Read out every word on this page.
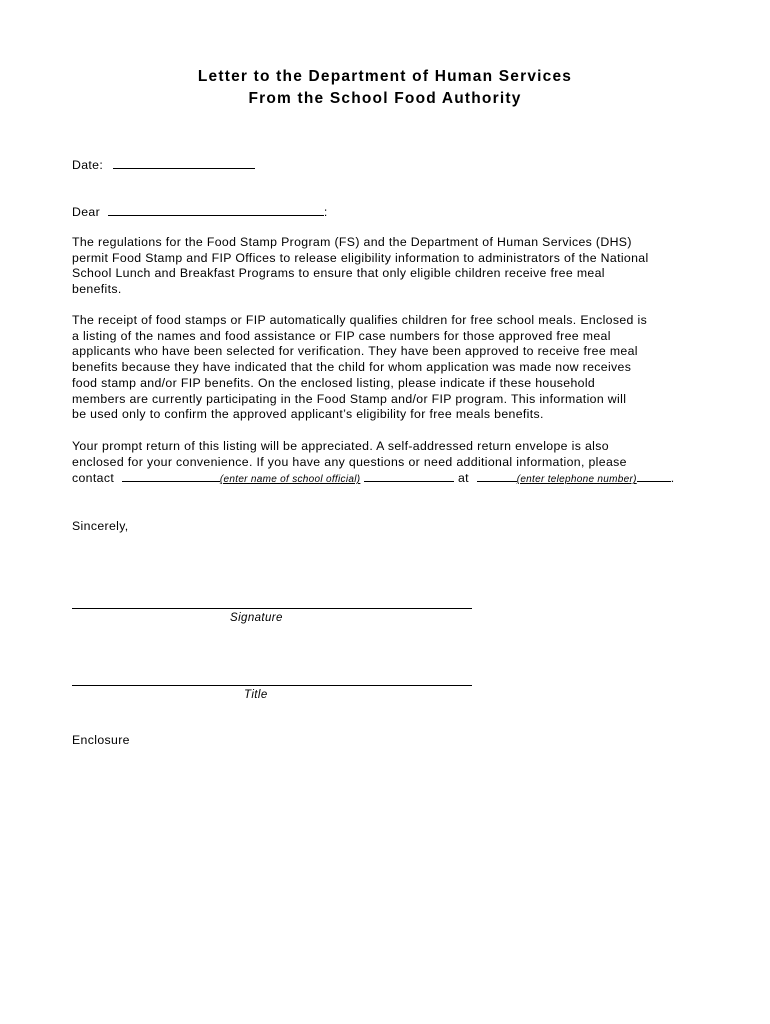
Letter to the Department of Human Services
From the School Food Authority
Date:
Dear	:
The regulations for the Food Stamp Program (FS) and the Department of Human Services (DHS)
permit Food Stamp and FIP Offices to release eligibility information to administrators of the National
School Lunch and Breakfast Programs to ensure that only eligible children receive free meal
benefits.
The receipt of food stamps or FIP automatically qualifies children for free school meals. Enclosed is
a listing of the names and food assistance or FIP case numbers for those approved free meal
applicants who have been selected for verification. They have been approved to receive free meal
benefits because they have indicated that the child for whom application was made now receives
food stamp and/or FIP benefits. On the enclosed listing, please indicate if these household
members are currently participating in the Food Stamp and/or FIP program. This information will
be used only to confirm the approved applicant’s eligibility for free meals benefits.
Your prompt return of this listing will be appreciated. A self-addressed return envelope is also
enclosed for your convenience. If you have any questions or need additional information, please
contact	(enter name of school official)	at	(enter telephone number)	.
Sincerely,
Signature
Title
Enclosure
